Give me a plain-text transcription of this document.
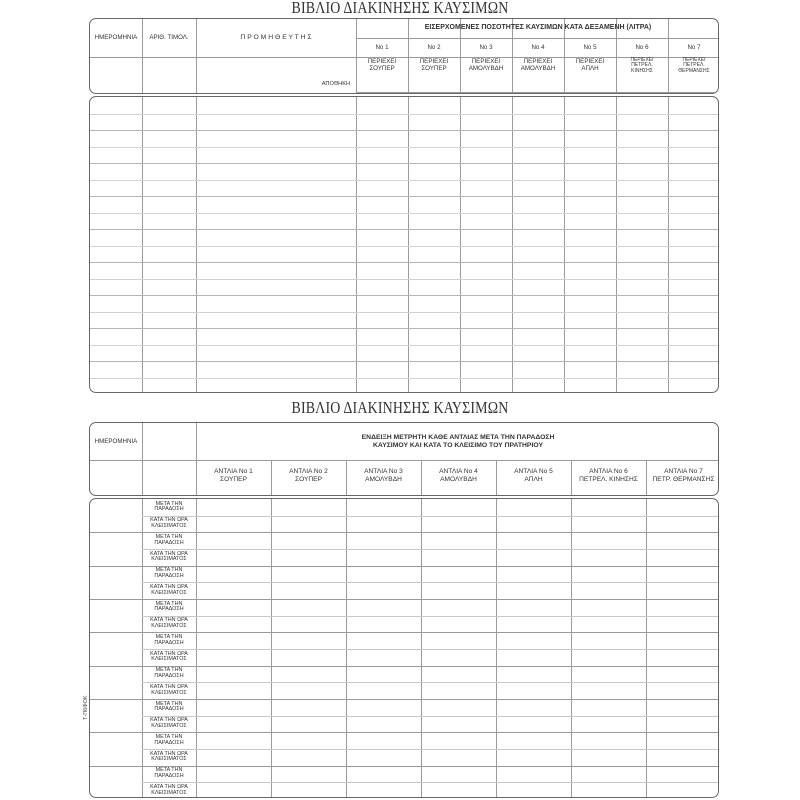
ΒΙΒΛΙΟ ΔΙΑΚΙΝΗΣΗΣ ΚΑΥΣΙΜΩΝ
ΒΙΒΛΙΟ ΔΙΑΚΙΝΗΣΗΣ ΚΑΥΣΙΜΩΝ
Τ-Π6ΦΟΚ
ΗΜΕΡΟΜΗΝΙΑ	ΑΡΙΘ. ΤΙΜΟΛ.	Π Ρ Ο Μ Η Θ Ε Υ Τ Η Σ
ΑΠΟΘΗΚΗ
ΕΙΣΕΡΧΟΜΕΝΕΣ ΠΟΣΟΤΗΤΕΣ ΚΑΥΣΙΜΩΝ ΚΑΤΑ ΔΕΞΑΜΕΝΗ (ΛΙΤΡΑ)
No 1
ΠΕΡΙΕΧΕΙ
ΣΟΥΠΕΡ
No 2
ΠΕΡΙΕΧΕΙ
ΣΟΥΠΕΡ
No 3
ΠΕΡΙΕΧΕΙ
ΑΜΟΛΥΒΔΗ
No 4
ΠΕΡΙΕΧΕΙ
ΑΜΟΛΥΒΔΗ
No 5
ΠΕΡΙΕΧΕΙ
ΑΠΛΗ
No 6
ΠΕΡΙΕΧΕΙ
ΠΕΤΡΕΛ.
ΚΙΝΗΣΗΣ
No 7
ΠΕΡΙΕΧΕΙ
ΠΕΤΡΕΛ.
ΘΕΡΜΑΝΣΗΣ
ΗΜΕΡΟΜΗΝΙΑ
ΕΝΔΕΙΞΗ ΜΕΤΡΗΤΗ ΚΑΘΕ ΑΝΤΛΙΑΣ ΜΕΤΑ ΤΗΝ ΠΑΡΑΔΟΣΗ
ΚΑΥΣΙΜΟΥ ΚΑΙ ΚΑΤΑ ΤΟ ΚΛΕΙΣΙΜΟ ΤΟΥ ΠΡΑΤΗΡΙΟΥ
ΑΝΤΛΙΑ No 1
ΣΟΥΠΕΡ
ΑΝΤΛΙΑ No 2
ΣΟΥΠΕΡ
ΑΝΤΛΙΑ No 3
ΑΜΟΛΥΒΔΗ
ΑΝΤΛΙΑ No 4
ΑΜΟΛΥΒΔΗ
ΑΝΤΛΙΑ No 5
ΑΠΛΗ
ΑΝΤΛΙΑ No 6
ΠΕΤΡΕΛ. ΚΙΝΗΣΗΣ
ΑΝΤΛΙΑ No 7
ΠΕΤΡ. ΘΕΡΜΑΝΣΗΣ
ΜΕΤΑ ΤΗΝ
ΠΑΡΑΔΟΣΗ
ΚΑΤΑ ΤΗΝ ΩΡΑ
ΚΛΕΙΣΙΜΑΤΟΣ
ΜΕΤΑ ΤΗΝ
ΠΑΡΑΔΟΣΗ
ΚΑΤΑ ΤΗΝ ΩΡΑ
ΚΛΕΙΣΙΜΑΤΟΣ
ΜΕΤΑ ΤΗΝ
ΠΑΡΑΔΟΣΗ
ΚΑΤΑ ΤΗΝ ΩΡΑ
ΚΛΕΙΣΙΜΑΤΟΣ
ΜΕΤΑ ΤΗΝ
ΠΑΡΑΔΟΣΗ
ΚΑΤΑ ΤΗΝ ΩΡΑ
ΚΛΕΙΣΙΜΑΤΟΣ
ΜΕΤΑ ΤΗΝ
ΠΑΡΑΔΟΣΗ
ΚΑΤΑ ΤΗΝ ΩΡΑ
ΚΛΕΙΣΙΜΑΤΟΣ
ΜΕΤΑ ΤΗΝ
ΠΑΡΑΔΟΣΗ
ΚΑΤΑ ΤΗΝ ΩΡΑ
ΚΛΕΙΣΙΜΑΤΟΣ
ΜΕΤΑ ΤΗΝ
ΠΑΡΑΔΟΣΗ
ΚΑΤΑ ΤΗΝ ΩΡΑ
ΚΛΕΙΣΙΜΑΤΟΣ
ΜΕΤΑ ΤΗΝ
ΠΑΡΑΔΟΣΗ
ΚΑΤΑ ΤΗΝ ΩΡΑ
ΚΛΕΙΣΙΜΑΤΟΣ
ΜΕΤΑ ΤΗΝ
ΠΑΡΑΔΟΣΗ
ΚΑΤΑ ΤΗΝ ΩΡΑ
ΚΛΕΙΣΙΜΑΤΟΣ
